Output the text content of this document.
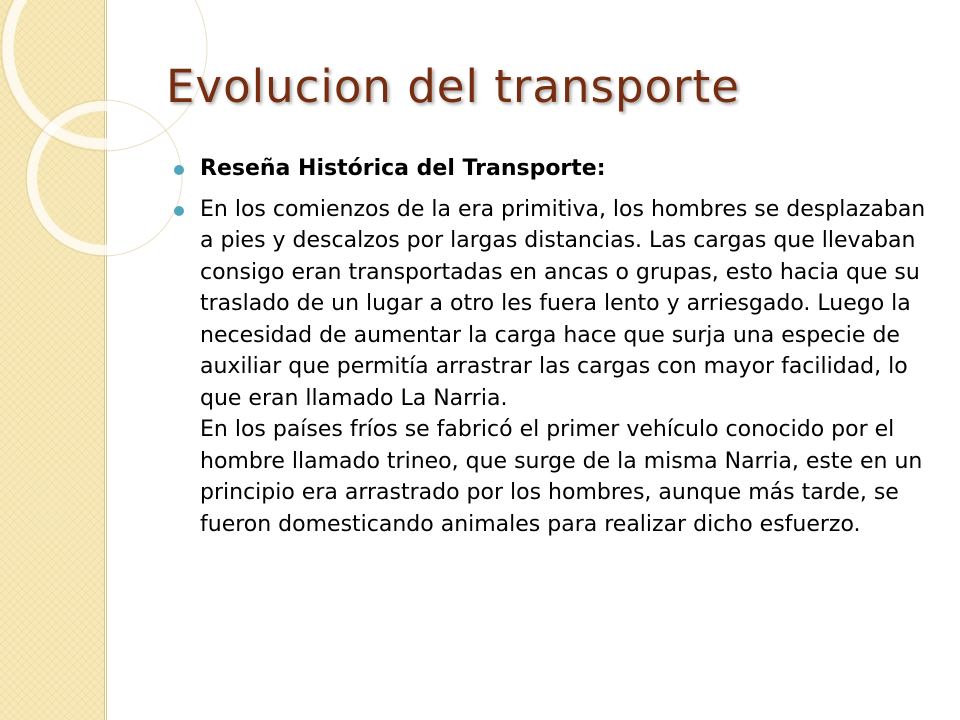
Evolucion del transporte
Reseña Histórica del Transporte:
En los comienzos de la era primitiva, los hombres se desplazaban a pies y descalzos por largas distancias. Las cargas que llevaban consigo eran transportadas en ancas o grupas, esto hacia que su traslado de un lugar a otro les fuera lento y arriesgado. Luego la necesidad de aumentar la carga hace que surja una especie de auxiliar que permitía arrastrar las cargas con mayor facilidad, lo que eran llamado La Narria.
En los países fríos se fabricó el primer vehículo conocido por el hombre llamado trineo, que surge de la misma Narria, este en un principio era arrastrado por los hombres, aunque más tarde, se fueron domesticando animales para realizar dicho esfuerzo.
